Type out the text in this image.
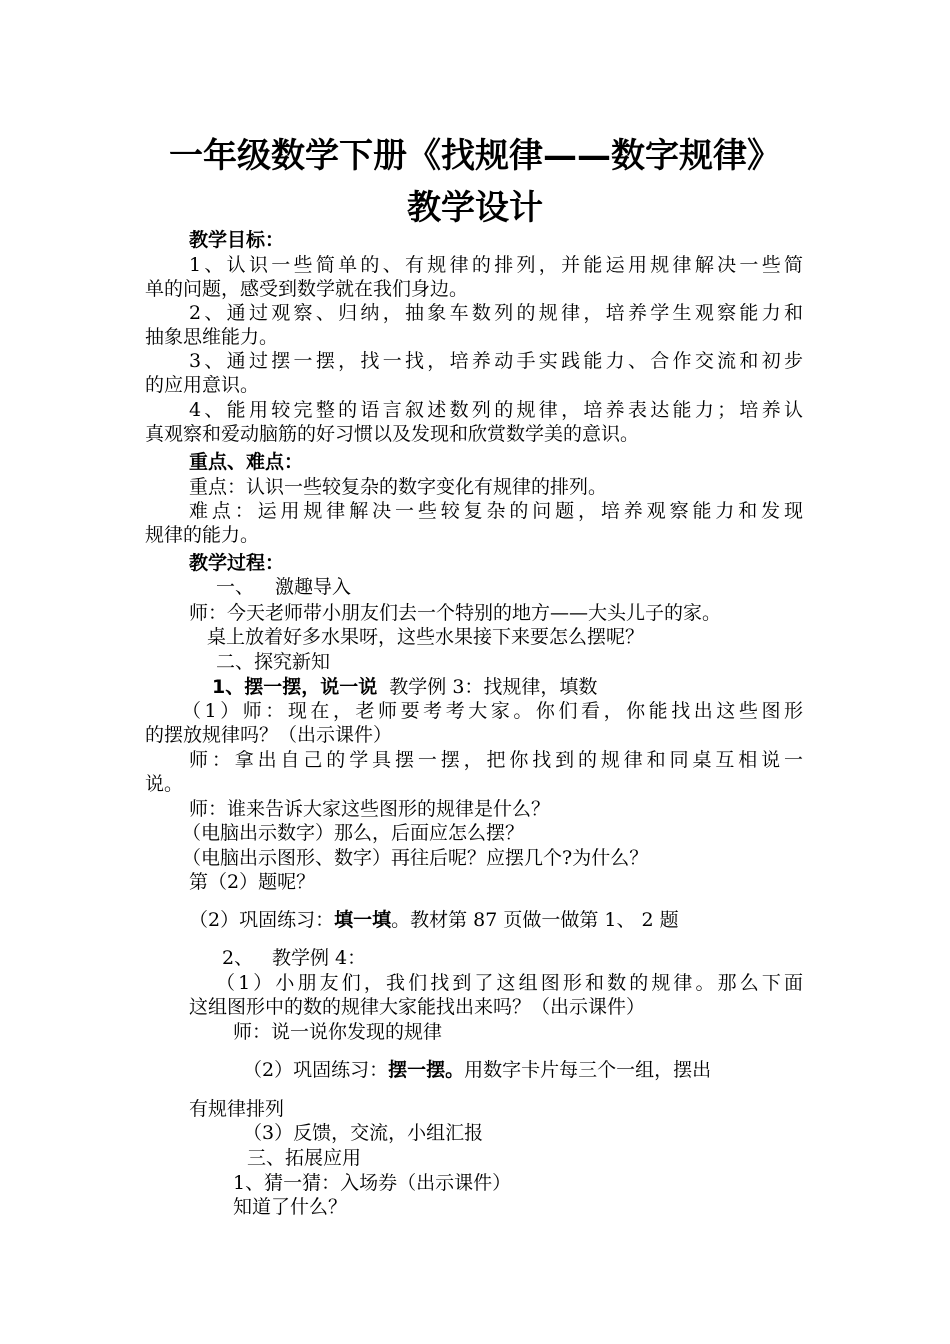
一年级数学下册《找规律——数字规律》
教学设计
教学目标：
1、认识一些简单的、有规律的排列，并能运用规律解决一些简
单的问题，感受到数学就在我们身边。
2、通过观察、归纳，抽象车数列的规律，培养学生观察能力和
抽象思维能力。
3、通过摆一摆，找一找，培养动手实践能力、合作交流和初步
的应用意识。
4、能用较完整的语言叙述数列的规律，培养表达能力；培养认
真观察和爱动脑筋的好习惯以及发现和欣赏数学美的意识。
重点、难点：
重点：认识一些较复杂的数字变化有规律的排列。
难点：运用规律解决一些较复杂的问题，培养观察能力和发现
规律的能力。
教学过程：
一、 激趣导入
师：今天老师带小朋友们去一个特别的地方——大头儿子的家。
桌上放着好多水果呀，这些水果接下来要怎么摆呢？
二、探究新知
1、摆一摆，说一说 教学例 3：找规律，填数
（1）师：现在，老师要考考大家。你们看，你能找出这些图形
的摆放规律吗？（出示课件）
师：拿出自己的学具摆一摆，把你找到的规律和同桌互相说一
说。
师：谁来告诉大家这些图形的规律是什么？
（电脑出示数字）那么，后面应怎么摆？
（电脑出示图形、数字）再往后呢？应摆几个?为什么？
第（2）题呢？
（2）巩固练习：填一填。教材第 87 页做一做第 1、 2 题
2、 教学例 4：
（1）小朋友们，我们找到了这组图形和数的规律。那么下面
这组图形中的数的规律大家能找出来吗？（出示课件）
师：说一说你发现的规律
（2）巩固练习：摆一摆。用数字卡片每三个一组，摆出
有规律排列
（3）反馈，交流，小组汇报
三、拓展应用
1、猜一猜：入场券（出示课件）
知道了什么？
